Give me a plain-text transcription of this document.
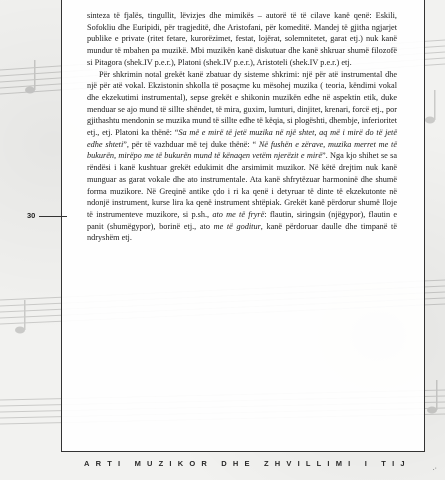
sinteza të fjalës, tingullit, lëvizjes dhe mimikës – autorë të të cilave kanë qenë: Eskili, Sofokliu dhe Euripidi, për tragjeditë, dhe Aristofani, për komeditë. Mandej të gjitha ngjarjet publike e private (ritet fetare, kurorëzimet, festat, lojërat, solemnitetet, garat etj.) nuk kanë mundur të mbahen pa muzikë. Mbi muzikën kanë diskutuar dhe kanë shkruar shumë filozofë si Pitagora (shek.IV p.e.r.), Platoni (shek.IV p.e.r.), Aristoteli (shek.IV p.e.r.) etj.

Për shkrimin notal grekët kanë zbatuar dy sisteme shkrimi: një për atë instrumental dhe një për atë vokal. Ekzistonin shkolla të posaçme ku mësohej muzika ( teoria, këndimi vokal dhe ekzekutimi instrumental), sepse grekët e shikonin muzikën edhe në aspektin etik, duke menduar se ajo mund të sillte shëndet, të mira, guxim, lumturi, dinjitet, krenari, forcë etj., por gjithashtu mendonin se muzika mund të sillte edhe të këqia, si plogështi, dhembje, inferioritet etj., etj. Platoni ka thënë: “Sa më e mirë të jetë muzika në një shtet, aq më i mirë do të jetë edhe shteti”, për të vazhduar më tej duke thënë: “ Në fushën e zërave, muzika merret me të bukurën, mirëpo me të bukurën mund të kënaqen vetëm njerëzit e mirë”. Nga kjo shihet se sa rëndësi i kanë kushtuar grekët edukimit dhe arsimimit muzikor. Në këtë drejtim nuk kanë munguar as garat vokale dhe ato instrumentale. Ata kanë shfrytëzuar harmoninë dhe shumë forma muzikore. Në Greqinë antike çdo i ri ka qenë i detyruar të dinte të ekzekutonte në ndonjë instrument, kurse lira ka qenë instrument shtëpiak. Grekët kanë përdorur shumë lloje të instrumenteve muzikore, si p.sh., ato me të fryrë: flautin, siringsin (njëgypor), flautin e panit (shumëgypor), borinë etj., ato me të goditur, kanë përdoruar daulle dhe timpanë të ndryshëm etj.

30
ARTI MUZIKOR DHE ZHVILLIMI I TIJ
.·
